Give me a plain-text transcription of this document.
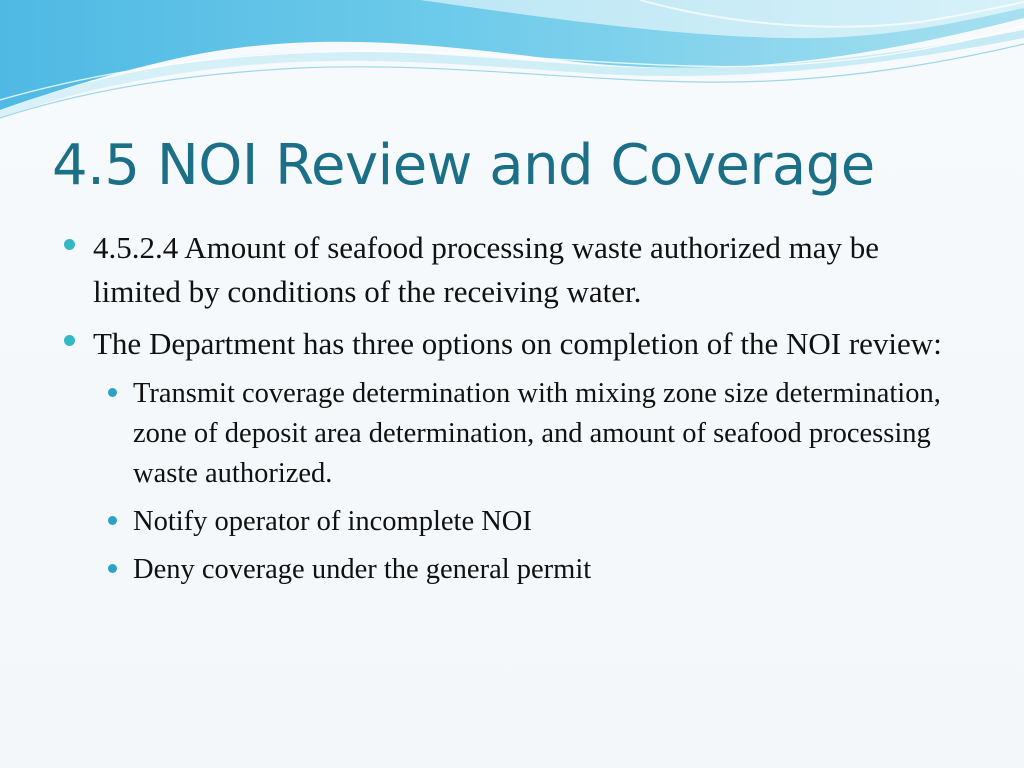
4.5 NOI Review and Coverage
4.5.2.4 Amount of seafood processing waste authorized may be limited by conditions of the receiving water.
The Department has three options on completion of the NOI review:
Transmit coverage determination with mixing zone size determination, zone of deposit area determination, and amount of seafood processing waste authorized.
Notify operator of incomplete NOI
Deny coverage under the general permit
